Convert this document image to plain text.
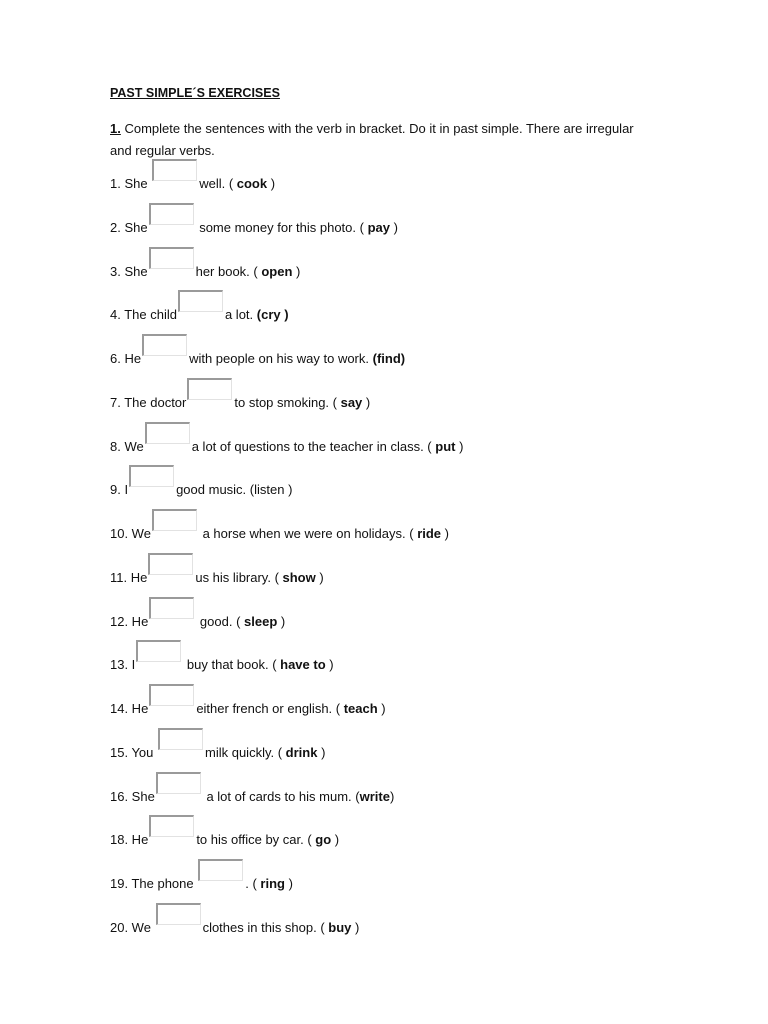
PAST SIMPLE´S EXERCISES
1. Complete the sentences with the verb in bracket. Do it in past simple. There are irregular and regular verbs.
1. She	well. ( cook )
2. She	some money for this photo. ( pay )
3. She	her book. ( open )
4. The child	a lot. (cry )
6. He	with people on his way to work. (find)
7. The doctor	to stop smoking. ( say )
8. We	a lot of questions to the teacher in class. ( put )
9. I	good music. (listen )
10. We	a horse when we were on holidays. ( ride )
11. He	us his library. ( show )
12. He	good. ( sleep )
13. I	buy that book. ( have to )
14. He	either french or english. ( teach )
15. You	milk quickly. ( drink )
16. She	a lot of cards to his mum. (write)
18. He	to his office by car. ( go )
19. The phone	. ( ring )
20. We	clothes in this shop. ( buy )
